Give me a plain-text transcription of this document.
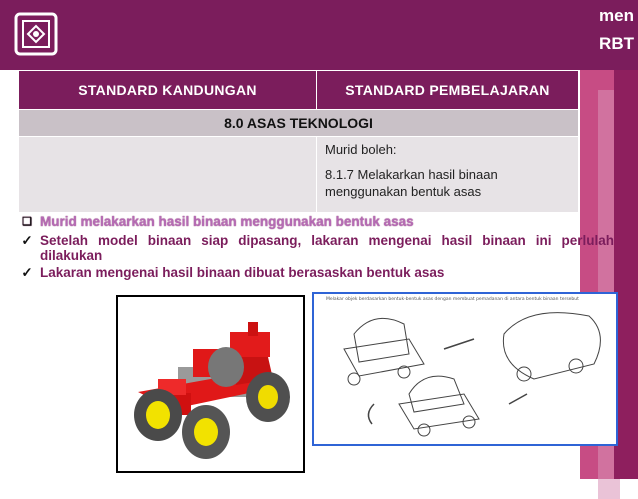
men
RBT
STANDARD KANDUNGAN	STANDARD PEMBELAJARAN
8.0 ASAS TEKNOLOGI	

	Murid boleh:

8.1.7 Melakarkan hasil binaan menggunakan bentuk asas

❑ Murid melakarkan hasil binaan menggunakan bentuk asas
✓ Setelah model binaan siap dipasang, lakaran mengenai hasil binaan ini perlulah dilakukan
✓ Lakaran mengenai hasil binaan dibuat berasaskan bentuk asas
Melakar objek berdasarkan bentuk-bentuk asas dengan membuat pemadanan di antara bentuk binaan tersebut
